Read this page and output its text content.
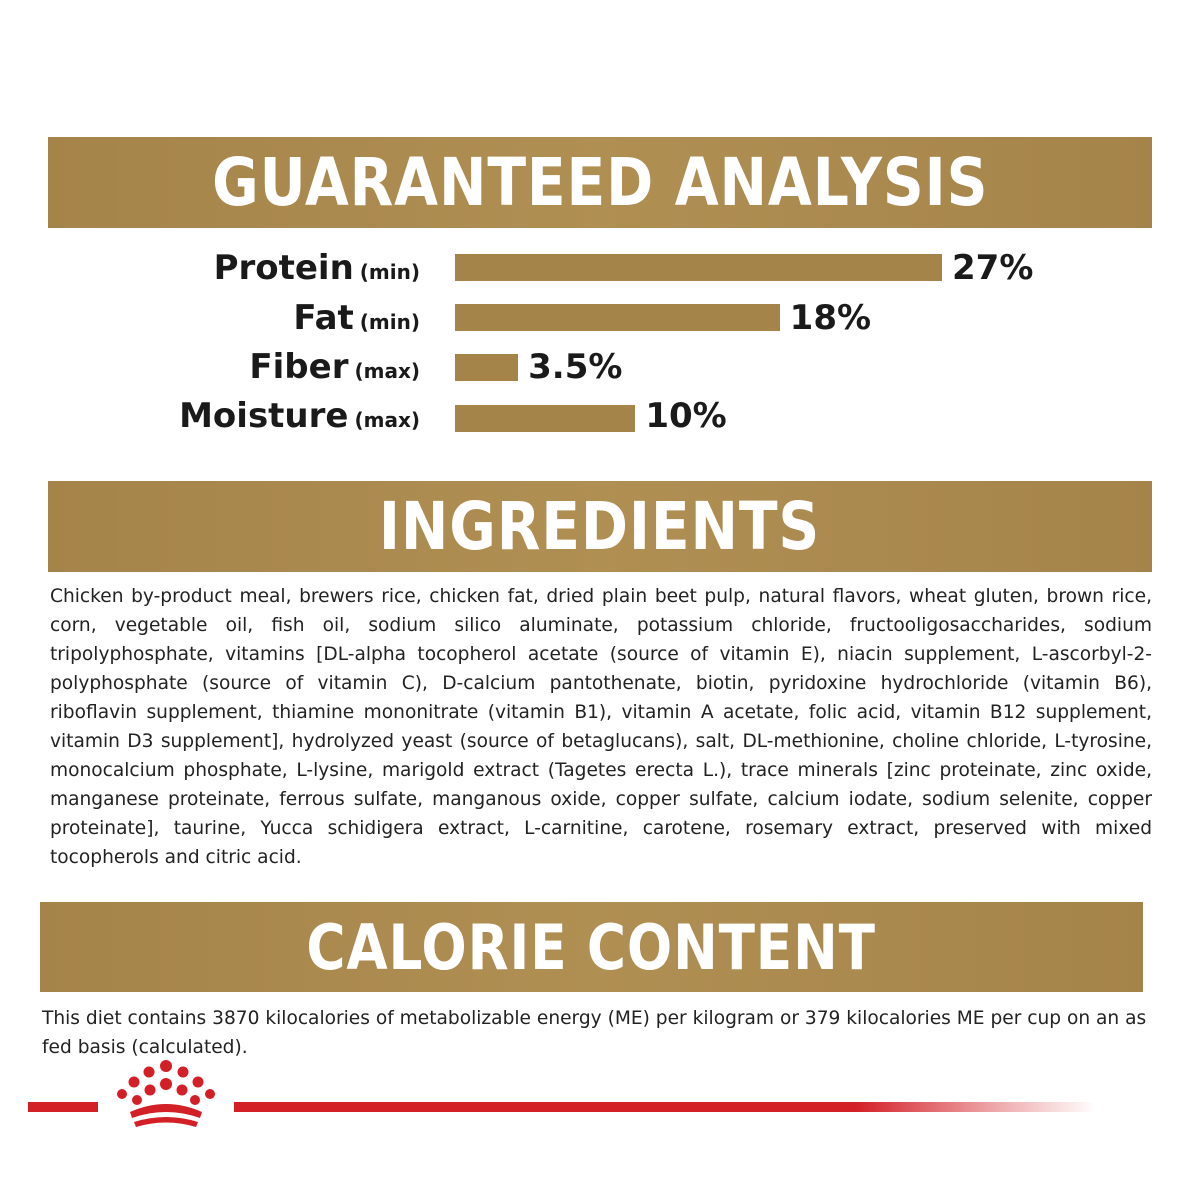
GUARANTEED ANALYSIS
Protein (min)	27%
Fat (min)	18%
Fiber (max)	3.5%
Moisture (max)	10%
INGREDIENTS
Chicken by-product meal, brewers rice, chicken fat, dried plain beet pulp, natural flavors, wheat gluten, brown rice, corn, vegetable oil, fish oil, sodium silico aluminate, potassium chloride, fructooligosaccharides, sodium tripolyphosphate, vitamins [DL-alpha tocopherol acetate (source of vitamin E), niacin supplement, L-ascorbyl-2-polyphosphate (source of vitamin C), D-calcium pantothenate, biotin, pyridoxine hydrochloride (vitamin B6), riboflavin supplement, thiamine mononitrate (vitamin B1), vitamin A acetate, folic acid, vitamin B12 supplement, vitamin D3 supplement], hydrolyzed yeast (source of betaglucans), salt, DL-methionine, choline chloride, L-tyrosine, monocalcium phosphate, L-lysine, marigold extract (Tagetes erecta L.), trace minerals [zinc proteinate, zinc oxide, manganese proteinate, ferrous sulfate, manganous oxide, copper sulfate, calcium iodate, sodium selenite, copper proteinate], taurine, Yucca schidigera extract, L-carnitine, carotene, rosemary extract, preserved with mixed tocopherols and citric acid.
CALORIE CONTENT
This diet contains 3870 kilocalories of metabolizable energy (ME) per kilogram or 379 kilocalories ME per cup on an as fed basis (calculated).
